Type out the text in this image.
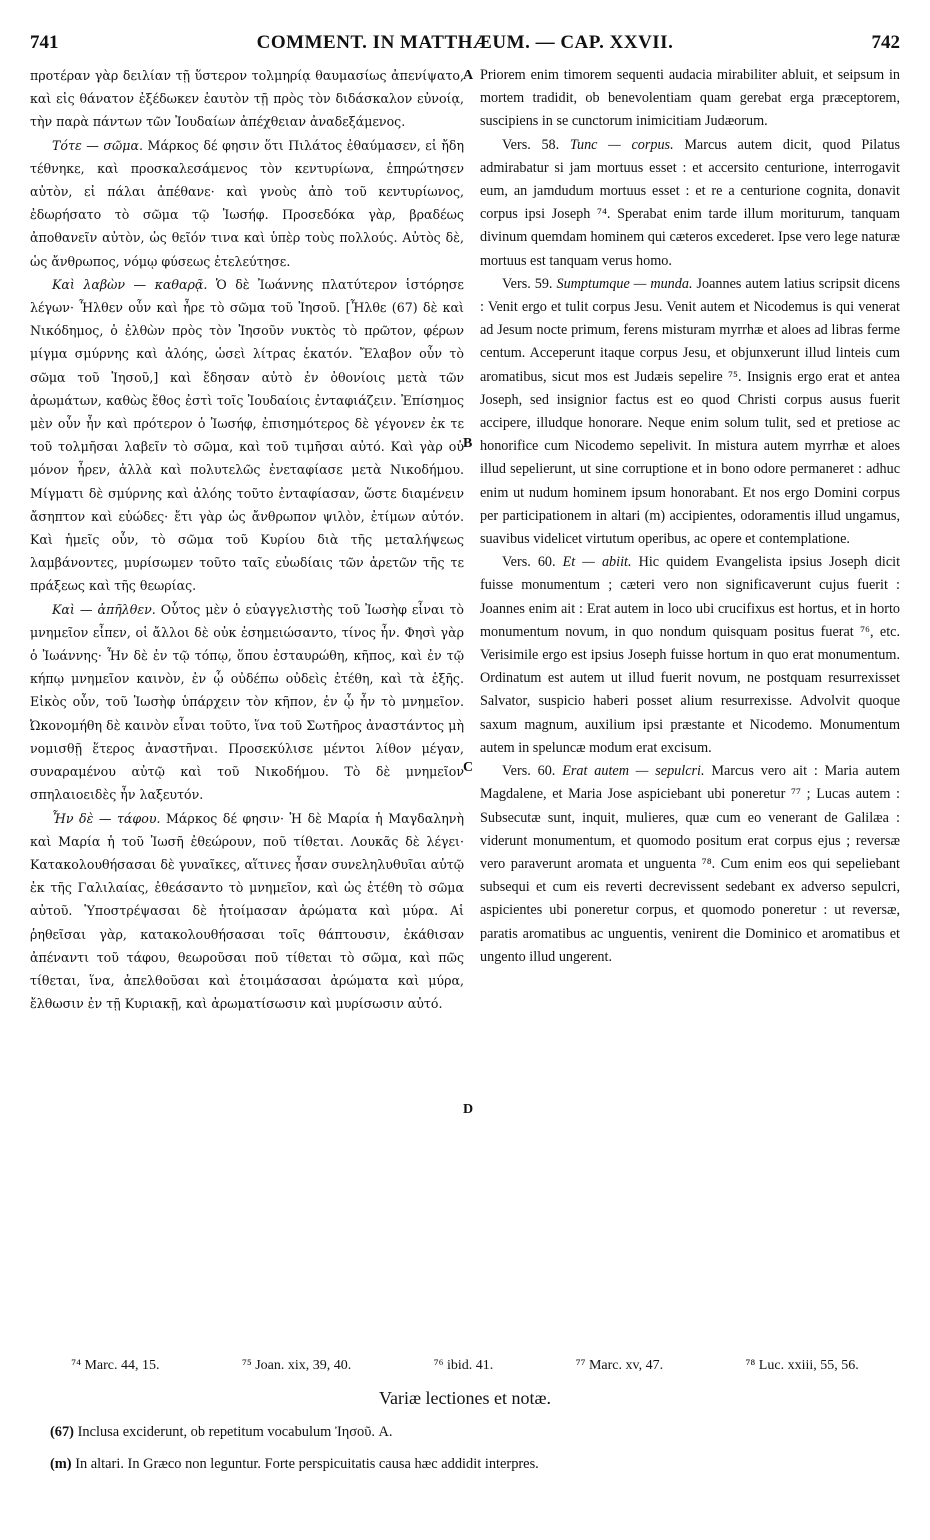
741	COMMENT. IN MATTHÆUM. — CAP. XXVII.	742

προτέραν γὰρ δειλίαν τῇ ὕστερον τολμηρίᾳ θαυμασίως ἀπενίψατο, καὶ εἰς θάνατον ἐξέδωκεν ἑαυτὸν τῇ πρὸς τὸν διδάσκαλον εὐνοίᾳ, τὴν παρὰ πάντων τῶν Ἰουδαίων ἀπέχθειαν ἀναδεξάμενος.

Τότε — σῶμα. Μάρκος δέ φησιν ὅτι Πιλάτος ἐθαύμασεν, εἰ ἤδη τέθνηκε, καὶ προσκαλεσάμενος τὸν κεντυρίωνα, ἐπηρώτησεν αὐτὸν, εἰ πάλαι ἀπέθανε· καὶ γνοὺς ἀπὸ τοῦ κεντυρίωνος, ἐδωρήσατο τὸ σῶμα τῷ Ἰωσήφ. Προσεδόκα γὰρ, βραδέως ἀποθανεῖν αὐτὸν, ὡς θεῖόν τινα καὶ ὑπὲρ τοὺς πολλούς. Αὐτὸς δὲ, ὡς ἄνθρωπος, νόμῳ φύσεως ἐτελεύτησε.

Καὶ λαβὼν — καθαρᾷ. Ὁ δὲ Ἰωάννης πλατύτερον ἱστόρησε λέγων· Ἦλθεν οὖν καὶ ἦρε τὸ σῶμα τοῦ Ἰησοῦ. [Ἦλθε (67) δὲ καὶ Νικόδημος, ὁ ἐλθὼν πρὸς τὸν Ἰησοῦν νυκτὸς τὸ πρῶτον, φέρων μίγμα σμύρνης καὶ ἀλόης, ὡσεὶ λίτρας ἑκατόν. Ἔλαβον οὖν τὸ σῶμα τοῦ Ἰησοῦ,] καὶ ἔδησαν αὐτὸ ἐν ὀθονίοις μετὰ τῶν ἀρωμάτων, καθὼς ἔθος ἐστὶ τοῖς Ἰουδαίοις ἐνταφιάζειν. Ἐπίσημος μὲν οὖν ἦν καὶ πρότερον ὁ Ἰωσήφ, ἐπισημότερος δὲ γέγονεν ἐκ τε τοῦ τολμῆσαι λαβεῖν τὸ σῶμα, καὶ τοῦ τιμῆσαι αὐτό. Καὶ γὰρ οὐ μόνον ἦρεν, ἀλλὰ καὶ πολυτελῶς ἐνεταφίασε μετὰ Νικοδήμου. Μίγματι δὲ σμύρνης καὶ ἀλόης τοῦτο ἐνταφίασαν, ὥστε διαμένειν ἄσηπτον καὶ εὐώδες· ἔτι γὰρ ὡς ἄνθρωπον ψιλὸν, ἐτίμων αὐτόν. Καὶ ἡμεῖς οὖν, τὸ σῶμα τοῦ Κυρίου διὰ τῆς μεταλήψεως λαμβάνοντες, μυρίσωμεν τοῦτο ταῖς εὐωδίαις τῶν ἀρετῶν τῆς τε πράξεως καὶ τῆς θεωρίας.

Καὶ — ἀπῆλθεν. Οὗτος μὲν ὁ εὐαγγελιστὴς τοῦ Ἰωσὴφ εἶναι τὸ μνημεῖον εἶπεν, οἱ ἄλλοι δὲ οὐκ ἐσημειώσαντο, τίνος ἦν. Φησὶ γὰρ ὁ Ἰωάννης· Ἦν δὲ ἐν τῷ τόπῳ, ὅπου ἐσταυρώθη, κῆπος, καὶ ἐν τῷ κήπῳ μνημεῖον καινὸν, ἐν ᾧ οὐδέπω οὐδεὶς ἐτέθη, καὶ τὰ ἑξῆς. Εἰκὸς οὖν, τοῦ Ἰωσὴφ ὑπάρχειν τὸν κῆπον, ἐν ᾧ ἦν τὸ μνημεῖον. Ὠκονομήθη δὲ καινὸν εἶναι τοῦτο, ἵνα τοῦ Σωτῆρος ἀναστάντος μὴ νομισθῇ ἕτερος ἀναστῆναι. Προσεκύλισε μέντοι λίθον μέγαν, συναραμένου αὐτῷ καὶ τοῦ Νικοδήμου. Τὸ δὲ μνημεῖον σπηλαιοειδὲς ἦν λαξευτόν.

Ἦν δὲ — τάφου. Μάρκος δέ φησιν· Ἡ δὲ Μαρία ἡ Μαγδαληνὴ καὶ Μαρία ἡ τοῦ Ἰωσῆ ἐθεώρουν, ποῦ τίθεται. Λουκᾶς δὲ λέγει· Κατακολουθήσασαι δὲ γυναῖκες, αἵτινες ἦσαν συνεληλυθυῖαι αὐτῷ ἐκ τῆς Γαλιλαίας, ἐθεάσαντο τὸ μνημεῖον, καὶ ὡς ἐτέθη τὸ σῶμα αὐτοῦ. Ὑποστρέψασαι δὲ ἡτοίμασαν ἀρώματα καὶ μύρα. Αἱ ῥηθεῖσαι γὰρ, κατακολουθήσασαι τοῖς θάπτουσιν, ἐκάθισαν ἀπέναντι τοῦ τάφου, θεωροῦσαι ποῦ τίθεται τὸ σῶμα, καὶ πῶς τίθεται, ἵνα, ἀπελθοῦσαι καὶ ἑτοιμάσασαι ἀρώματα καὶ μύρα, ἔλθωσιν ἐν τῇ Κυριακῇ, καὶ ἀρωματίσωσιν καὶ μυρίσωσιν αὐτό.

A
B
C
D

Priorem enim timorem sequenti audacia mirabiliter abluit, et seipsum in mortem tradidit, ob benevolentiam quam gerebat erga præceptorem, suscipiens in se cunctorum inimicitiam Judæorum.

Vers. 58. Tunc — corpus. Marcus autem dicit, quod Pilatus admirabatur si jam mortuus esset : et accersito centurione, interrogavit eum, an jamdudum mortuus esset : et re a centurione cognita, donavit corpus ipsi Joseph ⁷⁴. Sperabat enim tarde illum moriturum, tanquam divinum quemdam hominem qui cæteros excederet. Ipse vero lege naturæ mortuus est tanquam verus homo.

Vers. 59. Sumptumque — munda. Joannes autem latius scripsit dicens : Venit ergo et tulit corpus Jesu. Venit autem et Nicodemus is qui venerat ad Jesum nocte primum, ferens misturam myrrhæ et aloes ad libras ferme centum. Acceperunt itaque corpus Jesu, et objunxerunt illud linteis cum aromatibus, sicut mos est Judæis sepelire ⁷⁵. Insignis ergo erat et antea Joseph, sed insignior factus est eo quod Christi corpus ausus fuerit accipere, illudque honorare. Neque enim solum tulit, sed et pretiose ac honorifice cum Nicodemo sepelivit. In mistura autem myrrhæ et aloes illud sepelierunt, ut sine corruptione et in bono odore permaneret : adhuc enim ut nudum hominem ipsum honorabant. Et nos ergo Domini corpus per participationem in altari (m) accipientes, odoramentis illud ungamus, suavibus videlicet virtutum operibus, ac opere et contemplatione.

Vers. 60. Et — abiit. Hic quidem Evangelista ipsius Joseph dicit fuisse monumentum ; cæteri vero non significaverunt cujus fuerit : Joannes enim ait : Erat autem in loco ubi crucifixus est hortus, et in horto monumentum novum, in quo nondum quisquam positus fuerat ⁷⁶, etc. Verisimile ergo est ipsius Joseph fuisse hortum in quo erat monumentum. Ordinatum est autem ut illud fuerit novum, ne postquam resurrexisset Salvator, suspicio haberi posset alium resurrexisse. Advolvit quoque saxum magnum, auxilium ipsi præstante et Nicodemo. Monumentum autem in speluncæ modum erat excisum.

Vers. 60. Erat autem — sepulcri. Marcus vero ait : Maria autem Magdalene, et Maria Jose aspiciebant ubi poneretur ⁷⁷ ; Lucas autem : Subsecutæ sunt, inquit, mulieres, quæ cum eo venerant de Galilæa : viderunt monumentum, et quomodo positum erat corpus ejus ; reversæ vero paraverunt aromata et unguenta ⁷⁸. Cum enim eos qui sepeliebant subsequi et cum eis reverti decrevissent sedebant ex adverso sepulcri, aspicientes ubi poneretur corpus, et quomodo poneretur : ut reversæ, paratis aromatibus ac unguentis, venirent die Dominico et aromatibus et ungento illud ungerent.

⁷⁴ Marc. 44, 15.	⁷⁵ Joan. xix, 39, 40.	⁷⁶ ibid. 41.	⁷⁷ Marc. xv, 47.	⁷⁸ Luc. xxiii, 55, 56.
Variæ lectiones et notæ.
(67) Inclusa exciderunt, ob repetitum vocabulum Ἰησοῦ. A.
(m) In altari. In Græco non leguntur. Forte perspicuitatis causa hæc addidit interpres.
